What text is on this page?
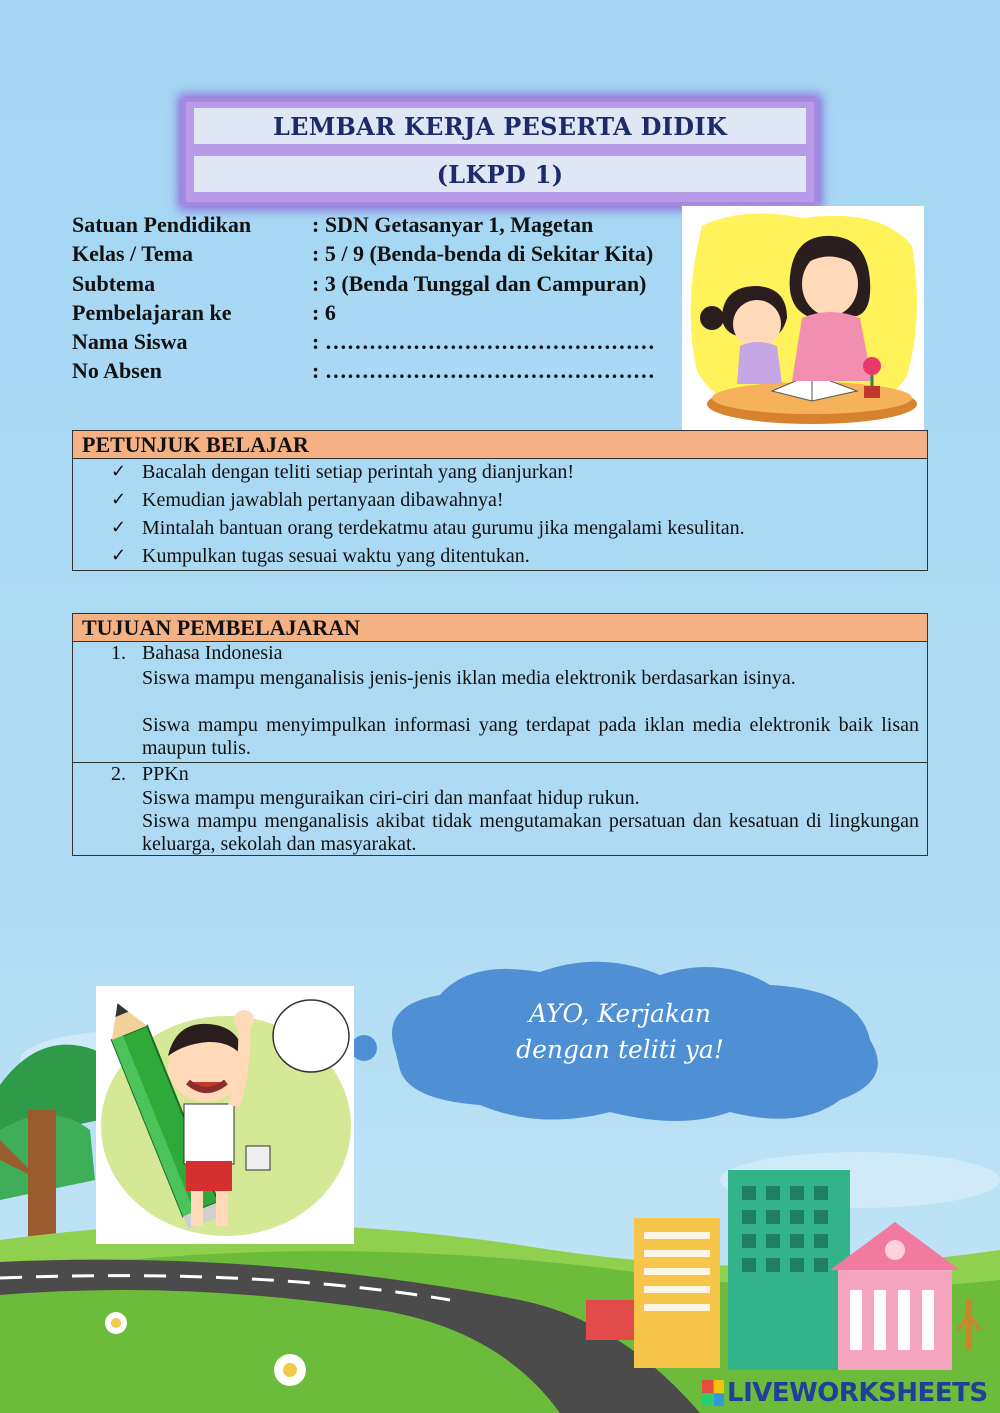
LEMBAR KERJA PESERTA DIDIK
(LKPD 1)
Satuan Pendidikan	: SDN Getasanyar 1, Magetan
Kelas / Tema	: 5 / 9 (Benda-benda di Sekitar Kita)
Subtema	: 3 (Benda Tunggal dan Campuran)
Pembelajaran ke	: 6
Nama Siswa	: ………………………………………
No Absen	: ………………………………………
PETUNJUK BELAJAR
✓ Bacalah dengan teliti setiap perintah yang dianjurkan!
✓ Kemudian jawablah pertanyaan dibawahnya!
✓ Mintalah bantuan orang terdekatmu atau gurumu jika mengalami kesulitan.
✓ Kumpulkan tugas sesuai waktu yang ditentukan.
TUJUAN PEMBELAJARAN
1. Bahasa Indonesia
Siswa mampu menganalisis jenis-jenis iklan media elektronik berdasarkan isinya.
Siswa mampu menyimpulkan informasi yang terdapat pada iklan media elektronik baik lisan maupun tulis.
2. PPKn
Siswa mampu menguraikan ciri-ciri dan manfaat hidup rukun.
Siswa mampu menganalisis akibat tidak mengutamakan persatuan dan kesatuan di lingkungan keluarga, sekolah dan masyarakat.
AYO, Kerjakan
dengan teliti ya!
LIVEWORKSHEETS
